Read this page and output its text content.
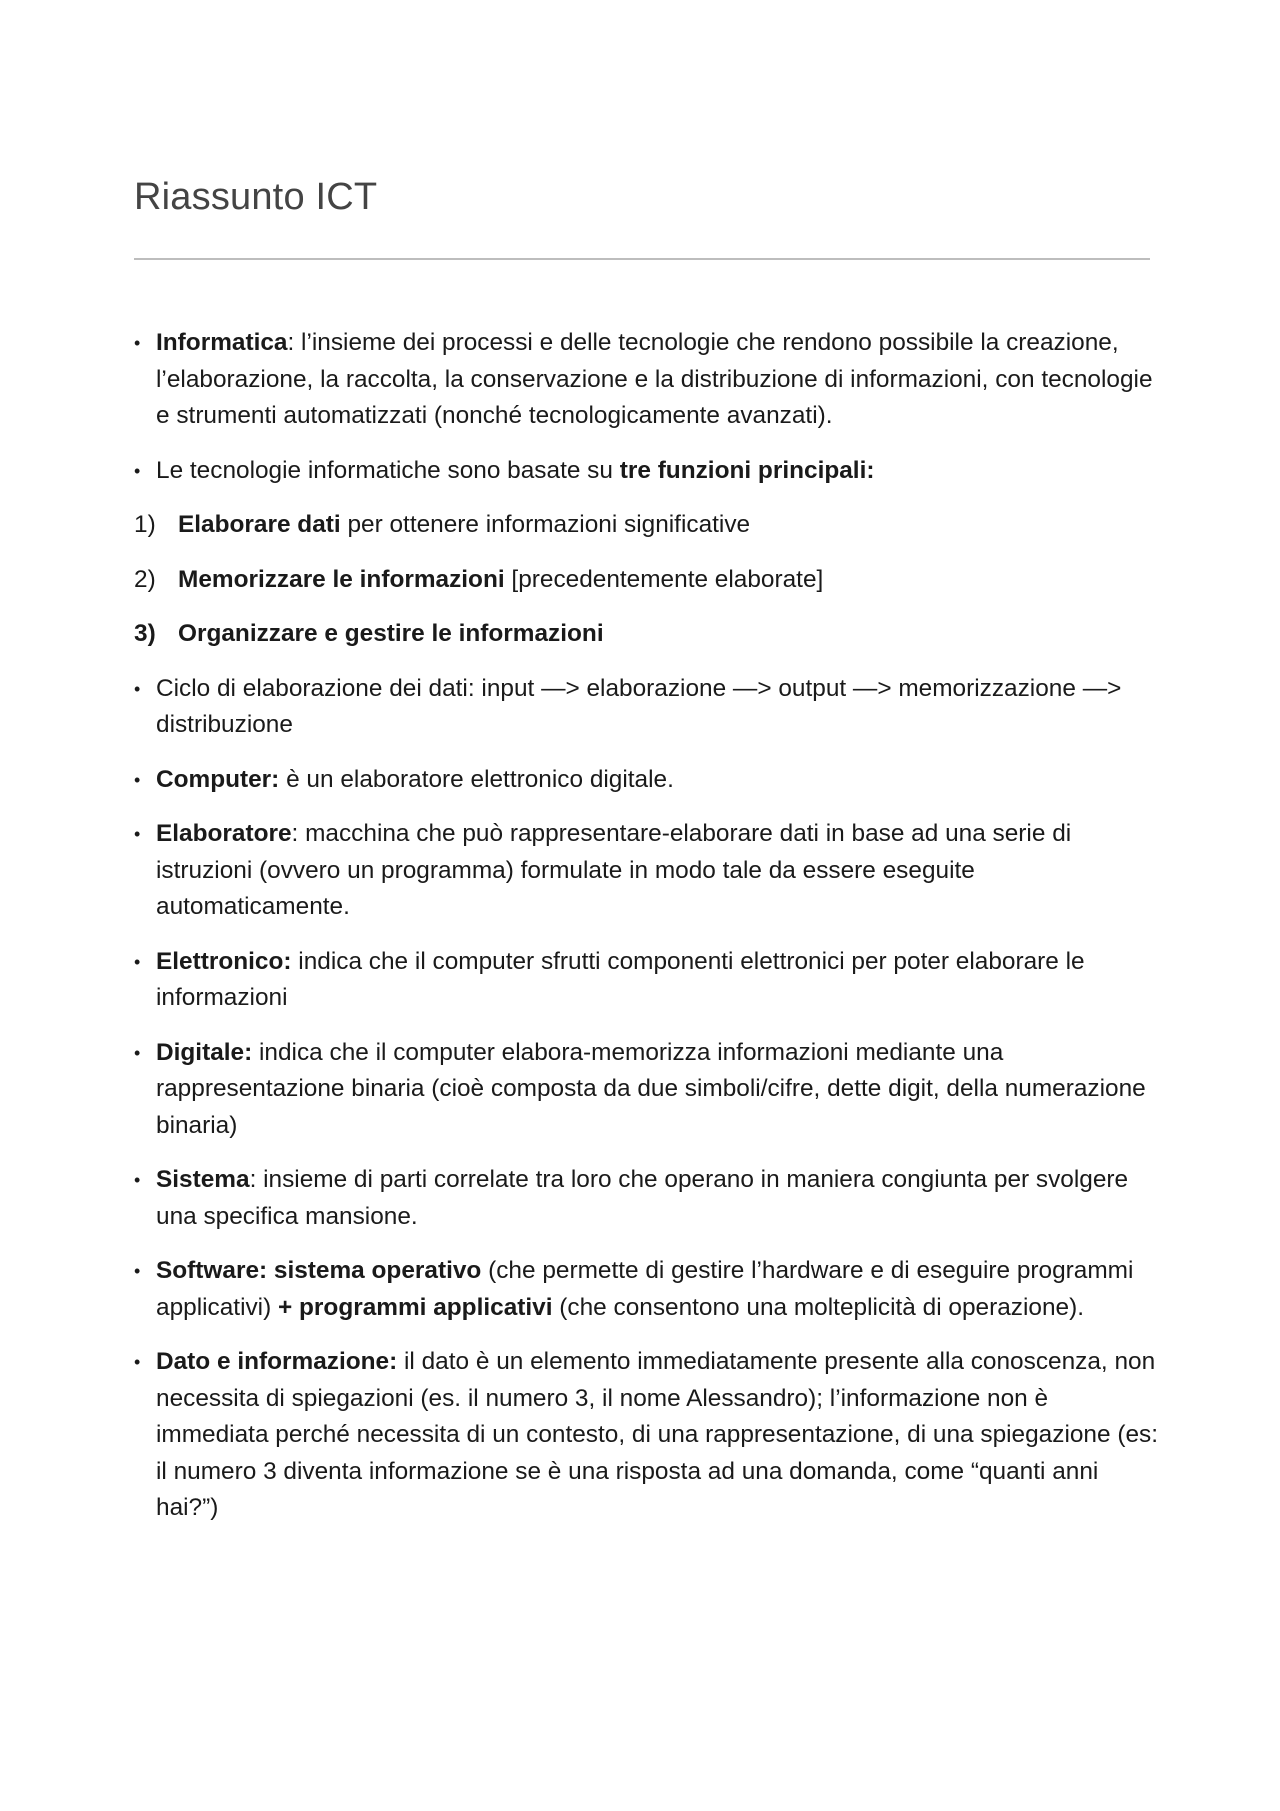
Riassunto ICT

• Informatica: l’insieme dei processi e delle tecnologie che rendono possibile la creazione, l’elaborazione, la raccolta, la conservazione e la distribuzione di informazioni, con tecnologie e strumenti automatizzati (nonché tecnologicamente avanzati).

• Le tecnologie informatiche sono basate su tre funzioni principali:

1) Elaborare dati per ottenere informazioni significative

2) Memorizzare le informazioni [precedentemente elaborate]

3) Organizzare e gestire le informazioni

• Ciclo di elaborazione dei dati: input —> elaborazione —> output —> memorizzazione —> distribuzione

• Computer: è un elaboratore elettronico digitale.

• Elaboratore: macchina che può rappresentare-elaborare dati in base ad una serie di istruzioni (ovvero un programma) formulate in modo tale da essere eseguite automaticamente.

• Elettronico: indica che il computer sfrutti componenti elettronici per poter elaborare le informazioni

• Digitale: indica che il computer elabora-memorizza informazioni mediante una rappresentazione binaria (cioè composta da due simboli/cifre, dette digit, della numerazione binaria)

• Sistema: insieme di parti correlate tra loro che operano in maniera congiunta per svolgere una specifica mansione.

• Software: sistema operativo (che permette di gestire l’hardware e di eseguire programmi applicativi) + programmi applicativi (che consentono una molteplicità di operazione).

• Dato e informazione: il dato è un elemento immediatamente presente alla conoscenza, non necessita di spiegazioni (es. il numero 3, il nome Alessandro); l’informazione non è immediata perché necessita di un contesto, di una rappresentazione, di una spiegazione (es: il numero 3 diventa informazione se è una risposta ad una domanda, come “quanti anni hai?”)
